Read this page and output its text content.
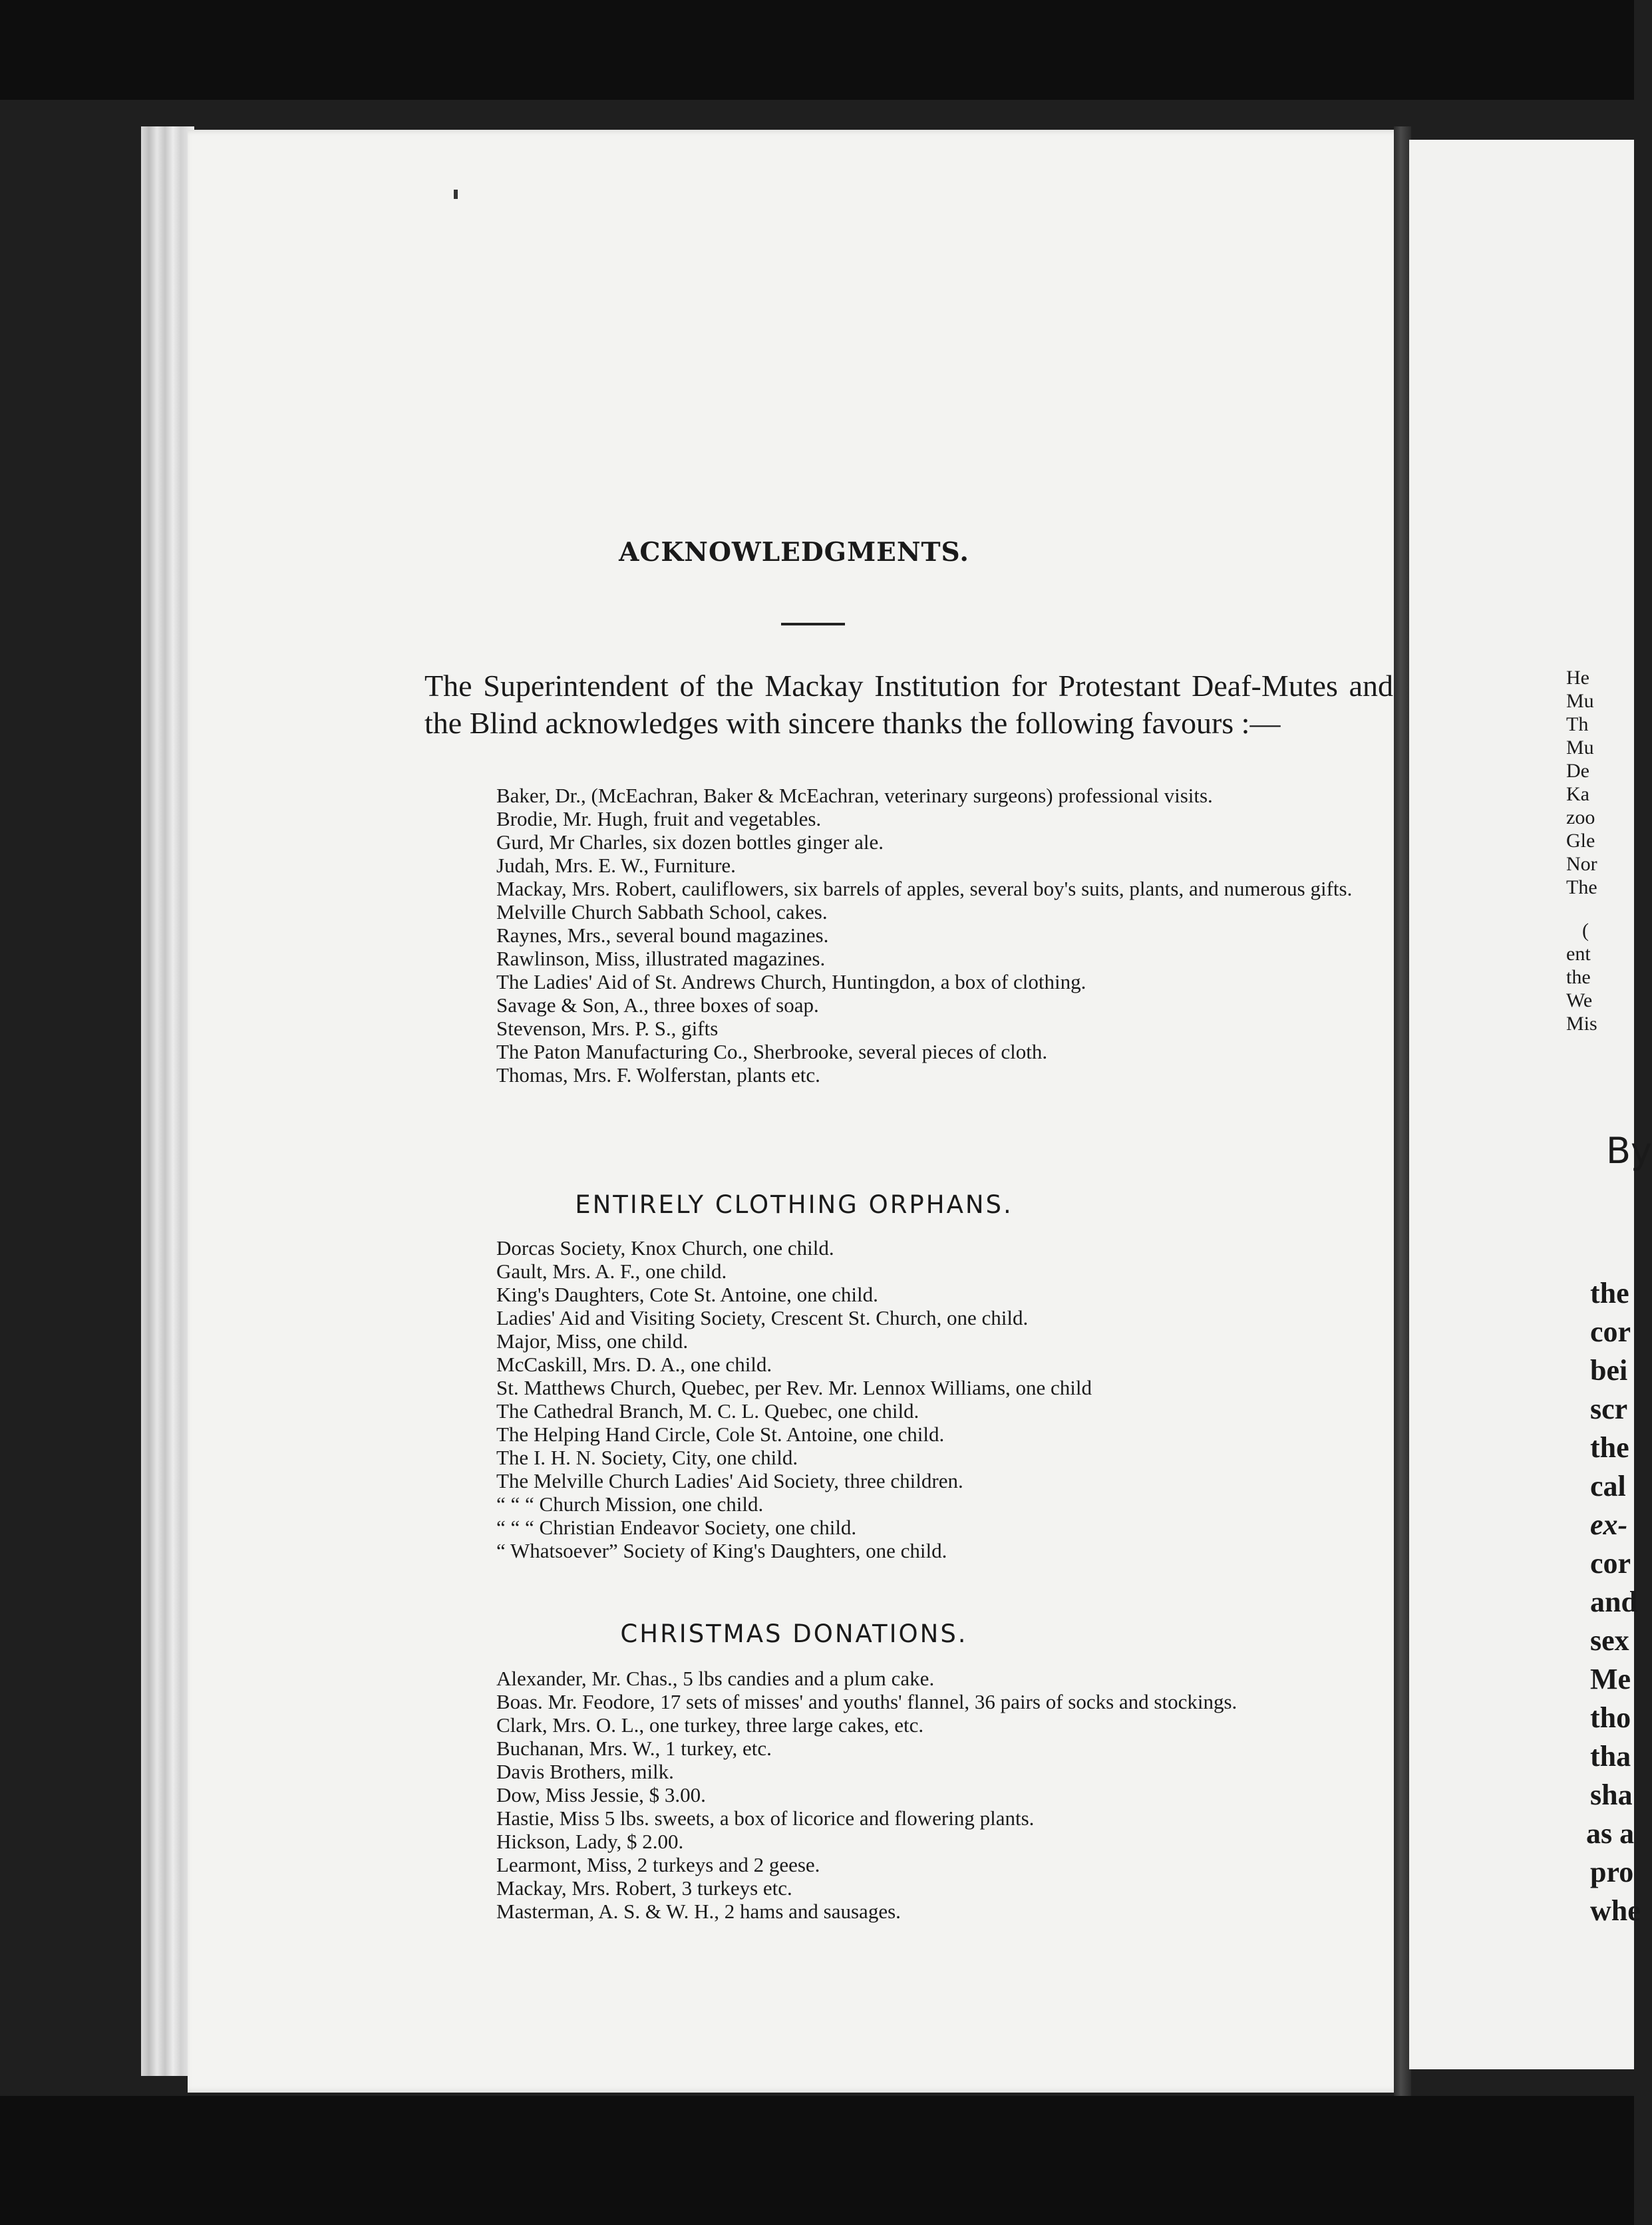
ACKNOWLEDGMENTS.
The Superintendent of the Mackay Institution for Protestant Deaf-Mutes and the Blind acknowledges with sincere thanks the following favours :—

Baker, Dr., (McEachran, Baker & McEachran, veterinary surgeons) professional visits.

Brodie, Mr. Hugh, fruit and vegetables.

Gurd, Mr Charles, six dozen bottles ginger ale.

Judah, Mrs. E. W., Furniture.

Mackay, Mrs. Robert, cauliflowers, six barrels of apples, several boy's suits, plants, and numerous gifts.

Melville Church Sabbath School, cakes.

Raynes, Mrs., several bound magazines.

Rawlinson, Miss, illustrated magazines.

The Ladies' Aid of St. Andrews Church, Huntingdon, a box of clothing.

Savage & Son, A., three boxes of soap.

Stevenson, Mrs. P. S., gifts

The Paton Manufacturing Co., Sherbrooke, several pieces of cloth.

Thomas, Mrs. F. Wolferstan, plants etc.

ENTIRELY CLOTHING ORPHANS.

Dorcas Society, Knox Church, one child.

Gault, Mrs. A. F., one child.

King's Daughters, Cote St. Antoine, one child.

Ladies' Aid and Visiting Society, Crescent St. Church, one child.

Major, Miss, one child.

McCaskill, Mrs. D. A., one child.

St. Matthews Church, Quebec, per Rev. Mr. Lennox Williams, one child

The Cathedral Branch, M. C. L. Quebec, one child.

The Helping Hand Circle, Cole St. Antoine, one child.

The I. H. N. Society, City, one child.

The Melville Church Ladies' Aid Society, three children.

“ “ “ Church Mission, one child.

“ “ “ Christian Endeavor Society, one child.

“ Whatsoever” Society of King's Daughters, one child.

CHRISTMAS DONATIONS.

Alexander, Mr. Chas., 5 lbs candies and a plum cake.

Boas. Mr. Feodore, 17 sets of misses' and youths' flannel, 36 pairs of socks and stockings.

Clark, Mrs. O. L., one turkey, three large cakes, etc.

Buchanan, Mrs. W., 1 turkey, etc.

Davis Brothers, milk.

Dow, Miss Jessie, $ 3.00.

Hastie, Miss 5 lbs. sweets, a box of licorice and flowering plants.

Hickson, Lady, $ 2.00.

Learmont, Miss, 2 turkeys and 2 geese.

Mackay, Mrs. Robert, 3 turkeys etc.

Masterman, A. S. & W. H., 2 hams and sausages.

He
Mu
Th
Mu
De
Ka
zoo
Gle
Nor
The
(
ent
the
We
Mis
By
the
cor
bei
scr
the
cal
ex-
cor
and
sex
Me
tho
tha
sha
as a
pro
whe
